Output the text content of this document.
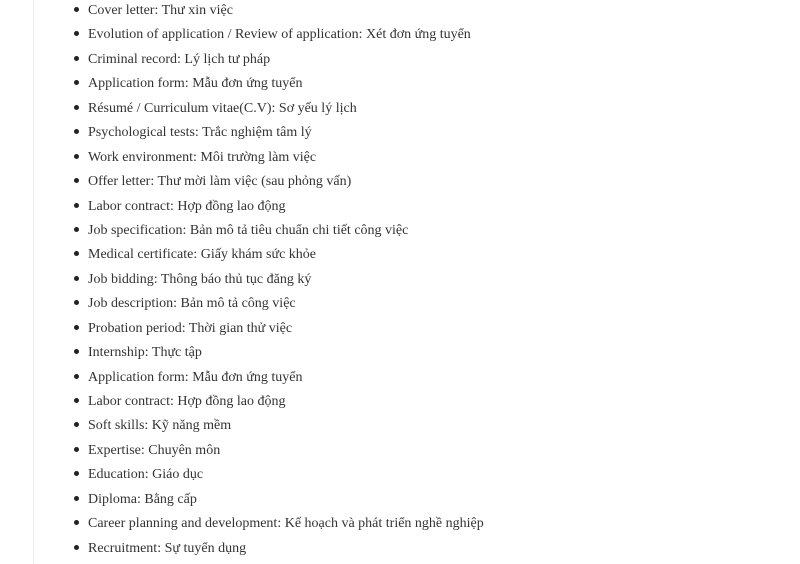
Cover letter: Thư xin việc
Evolution of application / Review of application: Xét đơn ứng tuyển
Criminal record: Lý lịch tư pháp
Application form: Mẫu đơn ứng tuyển
Résumé / Curriculum vitae(C.V): Sơ yếu lý lịch
Psychological tests: Trắc nghiệm tâm lý
Work environment: Môi trường làm việc
Offer letter: Thư mời làm việc (sau phỏng vấn)
Labor contract: Hợp đồng lao động
Job specification: Bản mô tả tiêu chuẩn chi tiết công việc
Medical certificate: Giấy khám sức khỏe
Job bidding: Thông báo thủ tục đăng ký
Job description: Bản mô tả công việc
Probation period: Thời gian thử việc
Internship: Thực tập
Application form: Mẫu đơn ứng tuyển
Labor contract: Hợp đồng lao động
Soft skills: Kỹ năng mềm
Expertise: Chuyên môn
Education: Giáo dục
Diploma: Bằng cấp
Career planning and development: Kế hoạch và phát triển nghề nghiệp
Recruitment: Sự tuyển dụng
